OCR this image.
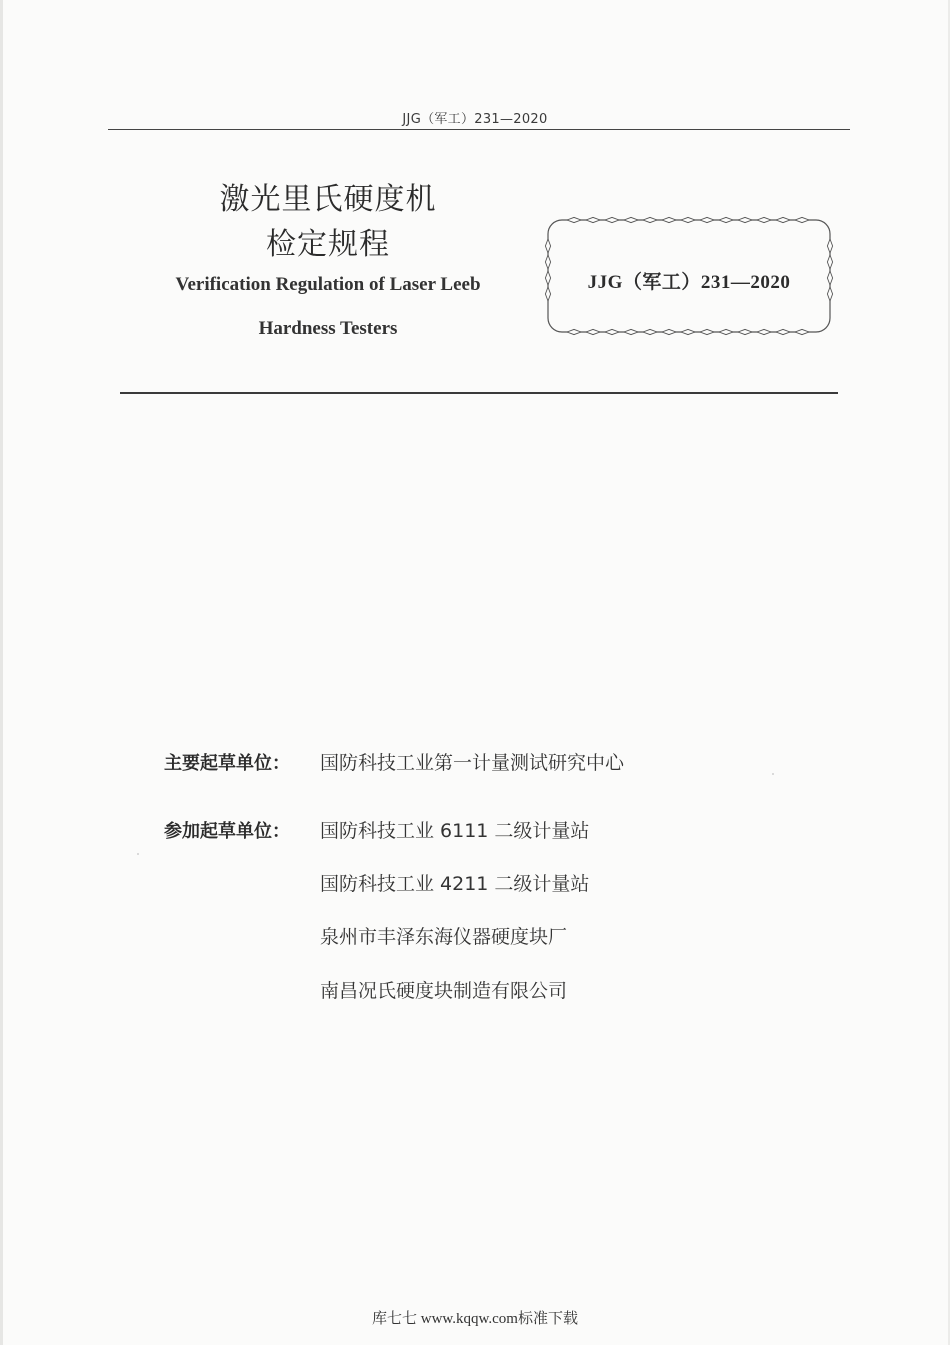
JJG（军工）231—2020
激光里氏硬度机
检定规程
Verification Regulation of Laser Leeb
Hardness Testers
JJG（军工）231—2020
主要起草单位： 国防科技工业第一计量测试研究中心
参加起草单位： 国防科技工业 6111 二级计量站
国防科技工业 4211 二级计量站
泉州市丰泽东海仪器硬度块厂
南昌况氏硬度块制造有限公司
库七七 www.kqqw.com标准下载
